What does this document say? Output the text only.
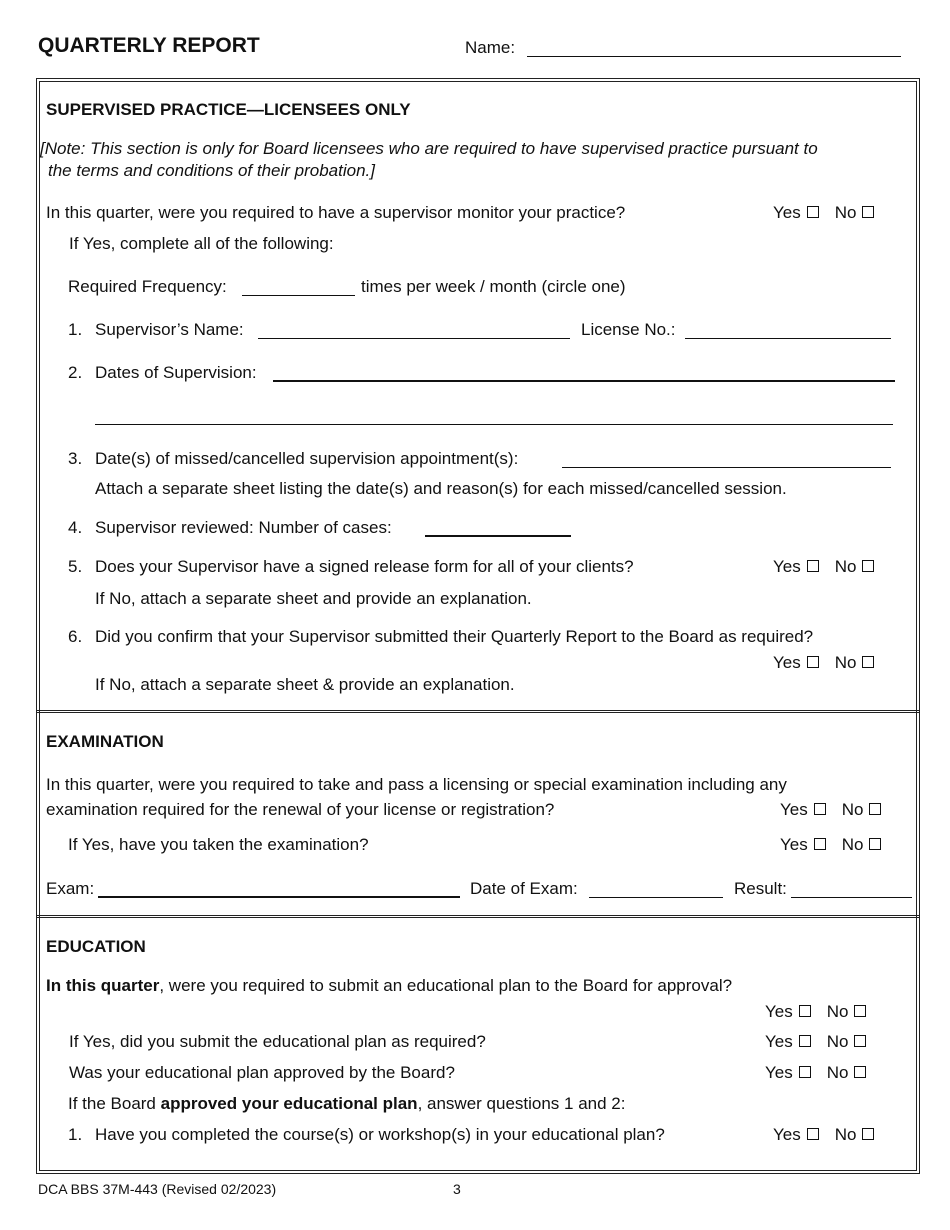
QUARTERLY REPORT	Name:
SUPERVISED PRACTICE—LICENSEES ONLY
[Note: This section is only for Board licensees who are required to have supervised practice pursuant to
the terms and conditions of their probation.]
In this quarter, were you required to have a supervisor monitor your practice?	Yes No
If Yes, complete all of the following:
Required Frequency:	times per week / month (circle one)
1. Supervisor’s Name:	License No.:
2. Dates of Supervision:
3. Date(s) of missed/cancelled supervision appointment(s):
Attach a separate sheet listing the date(s) and reason(s) for each missed/cancelled session.
4. Supervisor reviewed: Number of cases:
5. Does your Supervisor have a signed release form for all of your clients?	Yes No
If No, attach a separate sheet and provide an explanation.
6. Did you confirm that your Supervisor submitted their Quarterly Report to the Board as required?
Yes No
If No, attach a separate sheet & provide an explanation.
EXAMINATION
In this quarter, were you required to take and pass a licensing or special examination including any
examination required for the renewal of your license or registration?	Yes No
If Yes, have you taken the examination?	Yes No
Exam:	Date of Exam:	Result:
EDUCATION
In this quarter, were you required to submit an educational plan to the Board for approval?
Yes No
If Yes, did you submit the educational plan as required?	Yes No
Was your educational plan approved by the Board?	Yes No
If the Board approved your educational plan, answer questions 1 and 2:
1. Have you completed the course(s) or workshop(s) in your educational plan?	Yes No
DCA BBS 37M-443 (Revised 02/2023)	3
